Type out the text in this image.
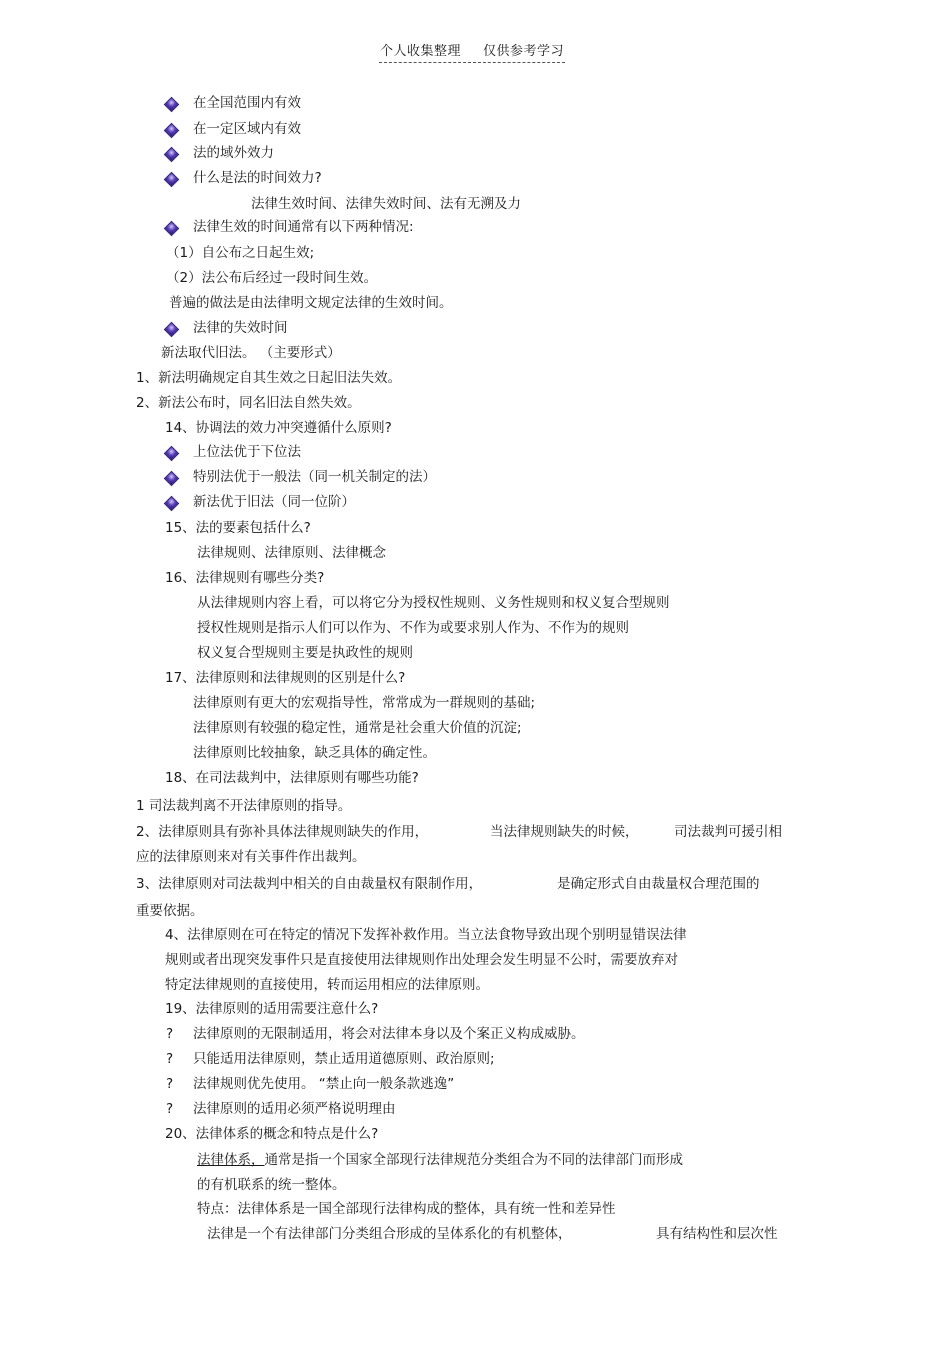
个人收集整理 仅供参考学习
在全国范围内有效
在一定区域内有效
法的域外效力
什么是法的时间效力?
法律生效时间、法律失效时间、法有无溯及力
法律生效的时间通常有以下两种情况:
（1）自公布之日起生效;
（2）法公布后经过一段时间生效。
普遍的做法是由法律明文规定法律的生效时间。
法律的失效时间
新法取代旧法。 （主要形式）
1、新法明确规定自其生效之日起旧法失效。
2、新法公布时，同名旧法自然失效。
14、协调法的效力冲突遵循什么原则?
上位法优于下位法
特别法优于一般法（同一机关制定的法）
新法优于旧法（同一位阶）
15、法的要素包括什么?
法律规则、法律原则、法律概念
16、法律规则有哪些分类?
从法律规则内容上看，可以将它分为授权性规则、义务性规则和权义复合型规则
授权性规则是指示人们可以作为、不作为或要求别人作为、不作为的规则
权义复合型规则主要是执政性的规则
17、法律原则和法律规则的区别是什么?
法律原则有更大的宏观指导性，常常成为一群规则的基础;
法律原则有较强的稳定性，通常是社会重大价值的沉淀;
法律原则比较抽象，缺乏具体的确定性。
18、在司法裁判中，法律原则有哪些功能?
1 司法裁判离不开法律原则的指导。
2、法律原则具有弥补具体法律规则缺失的作用，	当法律规则缺失的时候，	司法裁判可援引相
应的法律原则来对有关事件作出裁判。
3、法律原则对司法裁判中相关的自由裁量权有限制作用，	是确定形式自由裁量权合理范围的
重要依据。
4、法律原则在可在特定的情况下发挥补救作用。当立法食物导致出现个别明显错误法律
规则或者出现突发事件只是直接使用法律规则作出处理会发生明显不公时，需要放弃对
特定法律规则的直接使用，转而运用相应的法律原则。
19、法律原则的适用需要注意什么?
? 法律原则的无限制适用，将会对法律本身以及个案正义构成威胁。
? 只能适用法律原则，禁止适用道德原则、政治原则;
? 法律规则优先使用。 “禁止向一般条款逃逸”
? 法律原则的适用必须严格说明理由
20、法律体系的概念和特点是什么?
法律体系，通常是指一个国家全部现行法律规范分类组合为不同的法律部门而形成
的有机联系的统一整体。
特点：法律体系是一国全部现行法律构成的整体，具有统一性和差异性
法律是一个有法律部门分类组合形成的呈体系化的有机整体，	具有结构性和层次性
